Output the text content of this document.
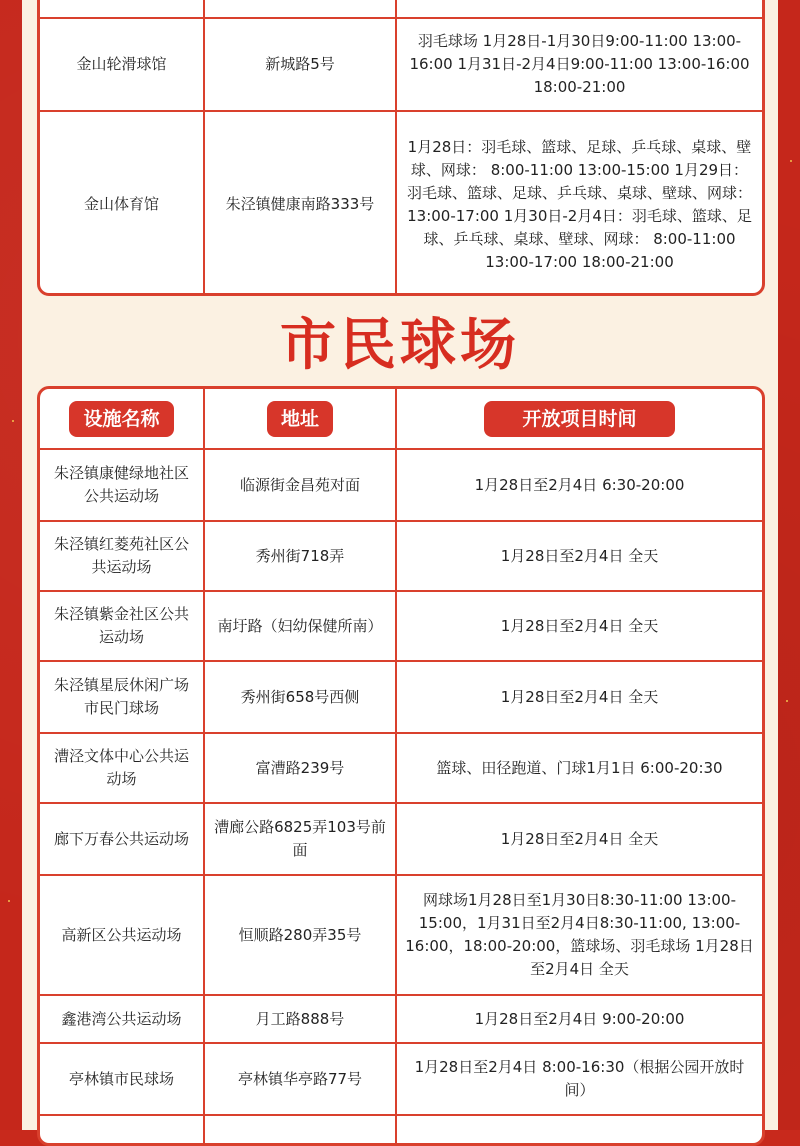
金山轮滑球馆	新城路5号	羽毛球场 1月28日-1月30日9:00-11:00 13:00-16:00 1月31日-2月4日9:00-11:00 13:00-16:00 18:00-21:00
金山体育馆	朱泾镇健康南路333号	1月28日：羽毛球、篮球、足球、乒乓球、桌球、壁球、网球： 8:00-11:00 13:00-15:00 1月29日：羽毛球、篮球、足球、乒乓球、桌球、壁球、网球：13:00-17:00 1月30日-2月4日：羽毛球、篮球、足球、乒乓球、桌球、壁球、网球： 8:00-11:00 13:00-17:00 18:00-21:00
市民球场
设施名称	地址	开放项目时间
朱泾镇康健绿地社区公共运动场	临源街金昌苑对面	1月28日至2月4日 6:30-20:00
朱泾镇红菱苑社区公共运动场	秀州街718弄	1月28日至2月4日 全天
朱泾镇紫金社区公共运动场	南圩路（妇幼保健所南）	1月28日至2月4日 全天
朱泾镇星辰休闲广场市民门球场	秀州街658号西侧	1月28日至2月4日 全天
漕泾文体中心公共运动场	富漕路239号	篮球、田径跑道、门球1月1日 6:00-20:30
廊下万春公共运动场	漕廊公路6825弄103号前面	1月28日至2月4日 全天
高新区公共运动场	恒顺路280弄35号	网球场1月28日至1月30日8:30-11:00 13:00-15:00，1月31日至2月4日8:30-11:00, 13:00-16:00，18:00-20:00，篮球场、羽毛球场 1月28日至2月4日 全天
鑫港湾公共运动场	月工路888号	1月28日至2月4日 9:00-20:00
亭林镇市民球场	亭林镇华亭路77号	1月28日至2月4日 8:00-16:30（根据公园开放时间）
